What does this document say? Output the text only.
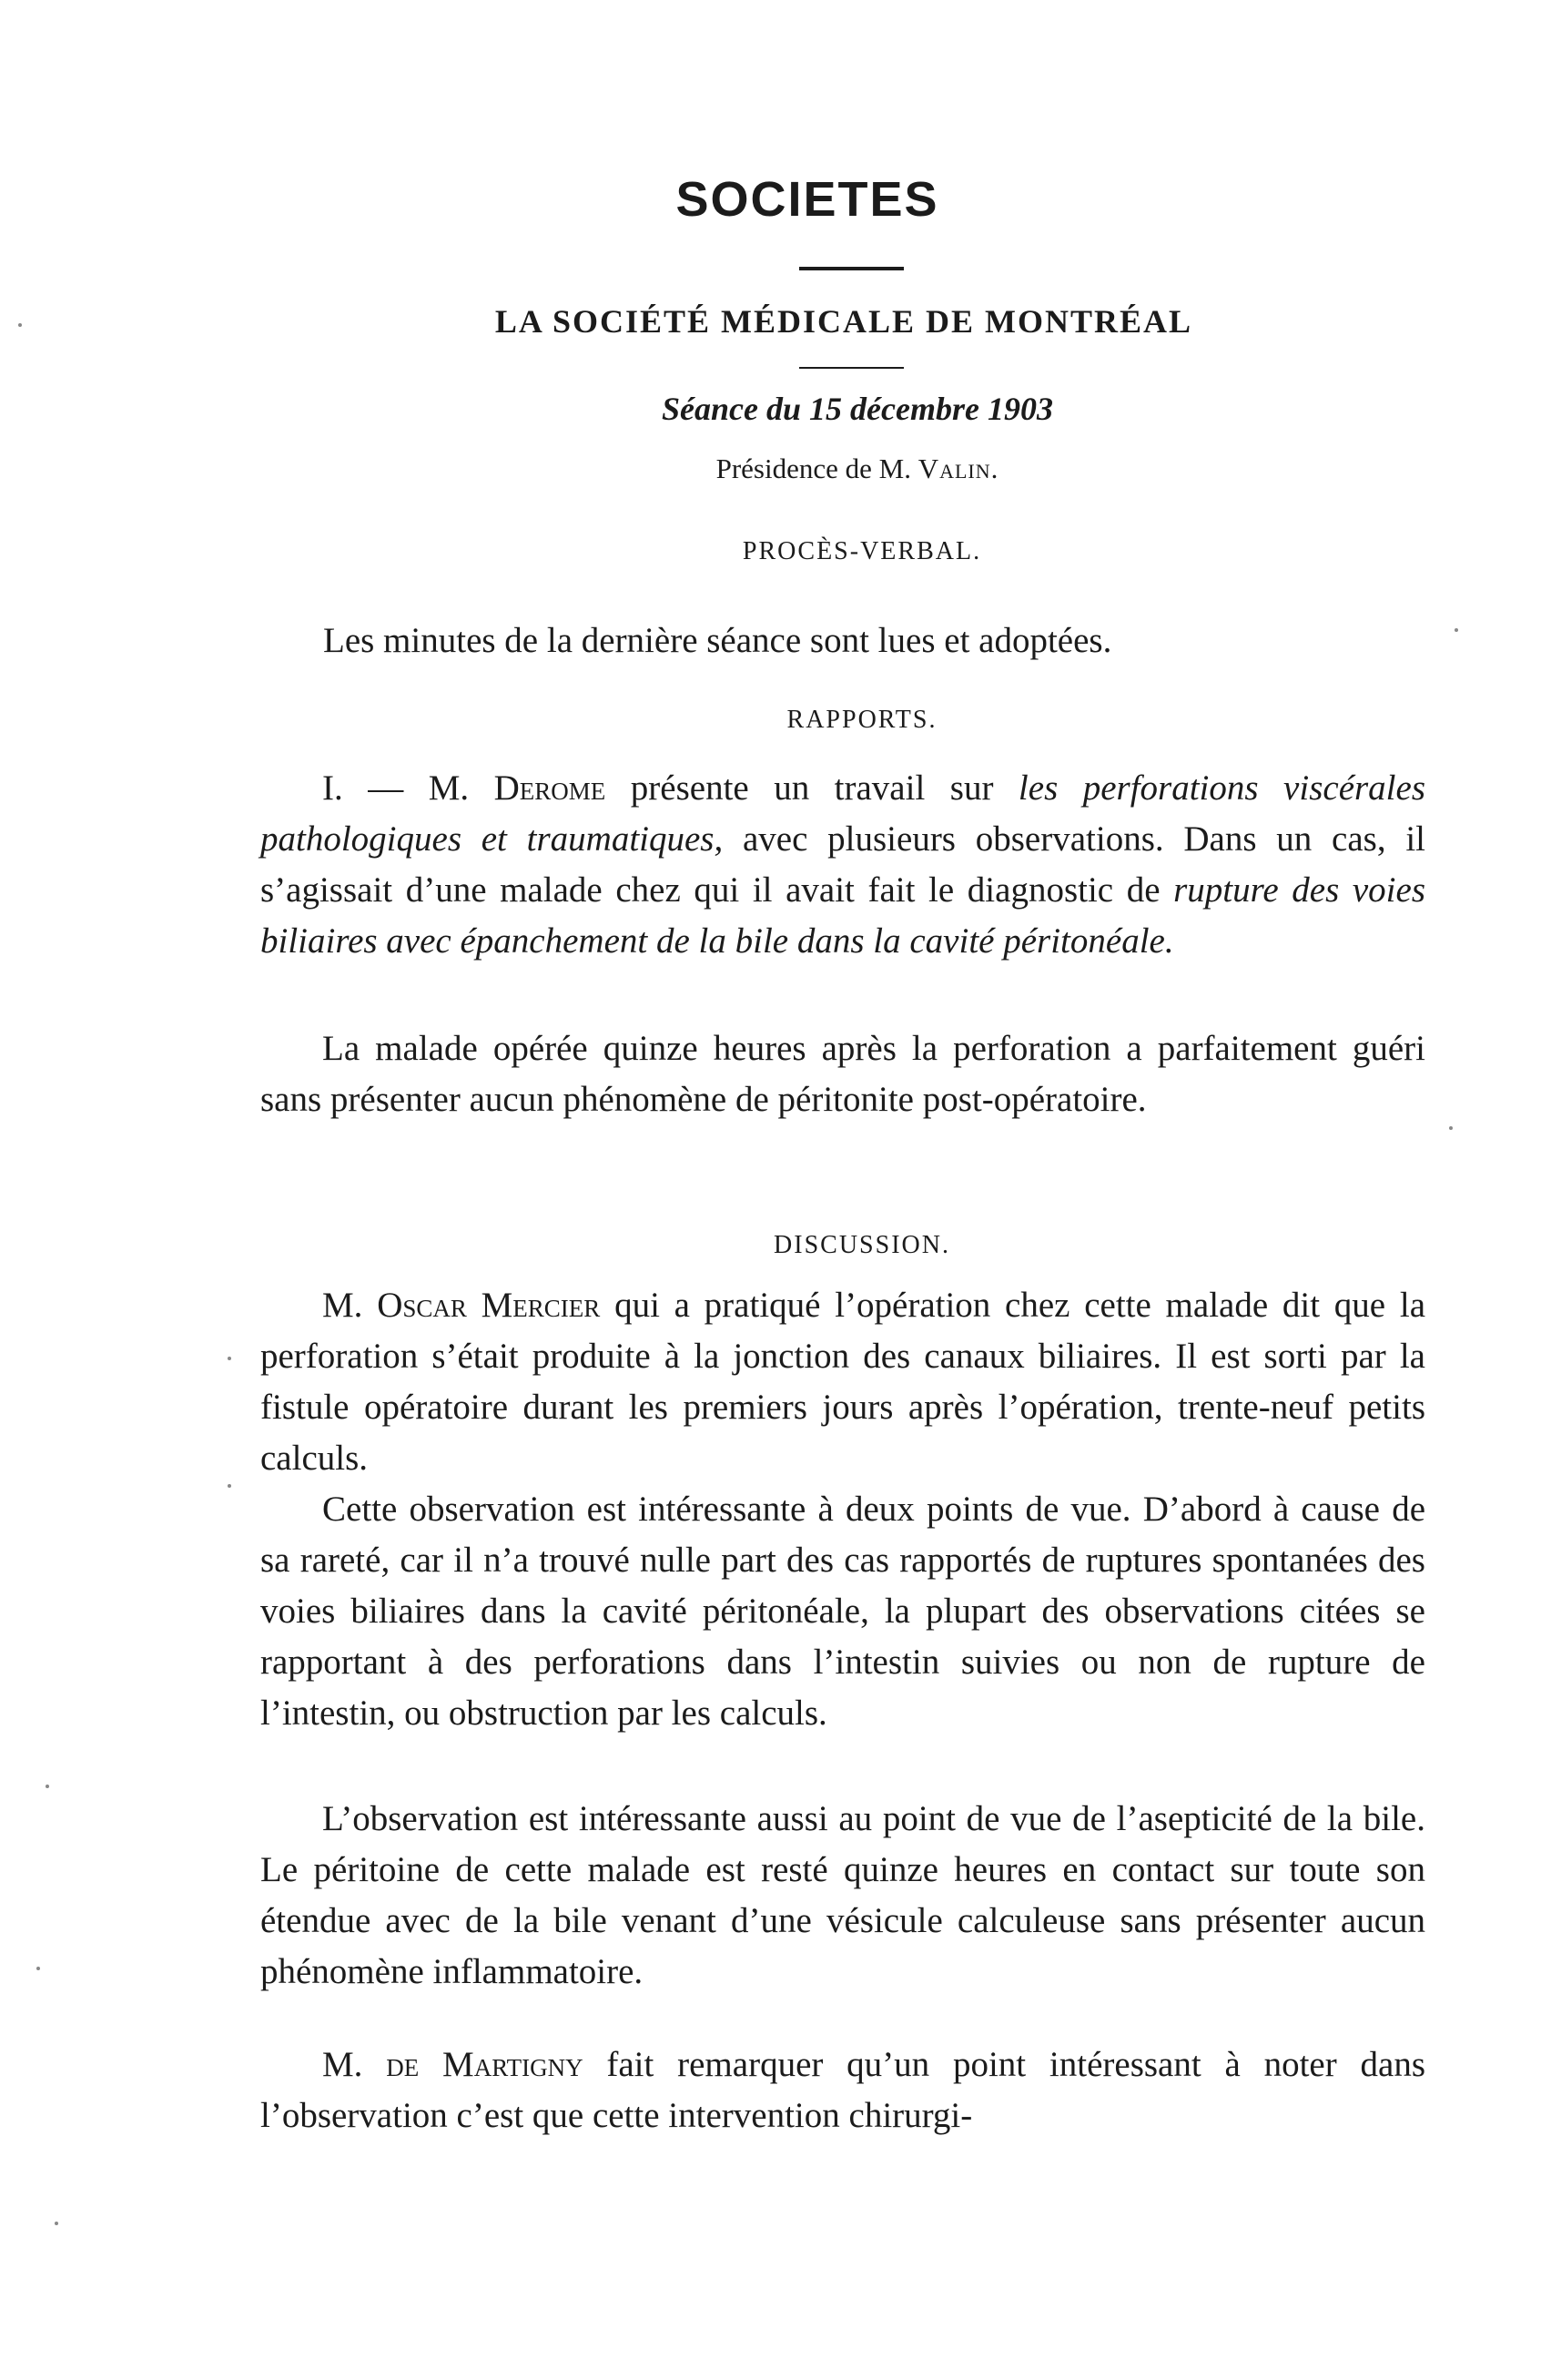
SOCIETES
LA SOCIÉTÉ MÉDICALE DE MONTRÉAL

Séance du 15 décembre 1903

Présidence de M. Valin.

PROCÈS-VERBAL.

Les minutes de la dernière séance sont lues et adoptées.

RAPPORTS.

I. — M. Derome présente un travail sur les perforations viscérales pathologiques et traumatiques, avec plusieurs observations. Dans un cas, il s’agissait d’une malade chez qui il avait fait le diagnostic de rupture des voies biliaires avec épanchement de la bile dans la cavité péritonéale.

La malade opérée quinze heures après la perforation a parfaitement guéri sans présenter aucun phénomène de péritonite post-opératoire.

DISCUSSION.

M. Oscar Mercier qui a pratiqué l’opération chez cette malade dit que la perforation s’était produite à la jonction des canaux biliaires. Il est sorti par la fistule opératoire durant les premiers jours après l’opération, trente-neuf petits calculs.

Cette observation est intéressante à deux points de vue. D’abord à cause de sa rareté, car il n’a trouvé nulle part des cas rapportés de ruptures spontanées des voies biliaires dans la cavité péritonéale, la plupart des observations citées se rapportant à des perforations dans l’intestin suivies ou non de rupture de l’intestin, ou obstruction par les calculs.

L’observation est intéressante aussi au point de vue de l’asepticité de la bile. Le péritoine de cette malade est resté quinze heures en contact sur toute son étendue avec de la bile venant d’une vésicule calculeuse sans présenter aucun phénomène inflammatoire.

M. de Martigny fait remarquer qu’un point intéressant à noter dans l’observation c’est que cette intervention chirurgi-
